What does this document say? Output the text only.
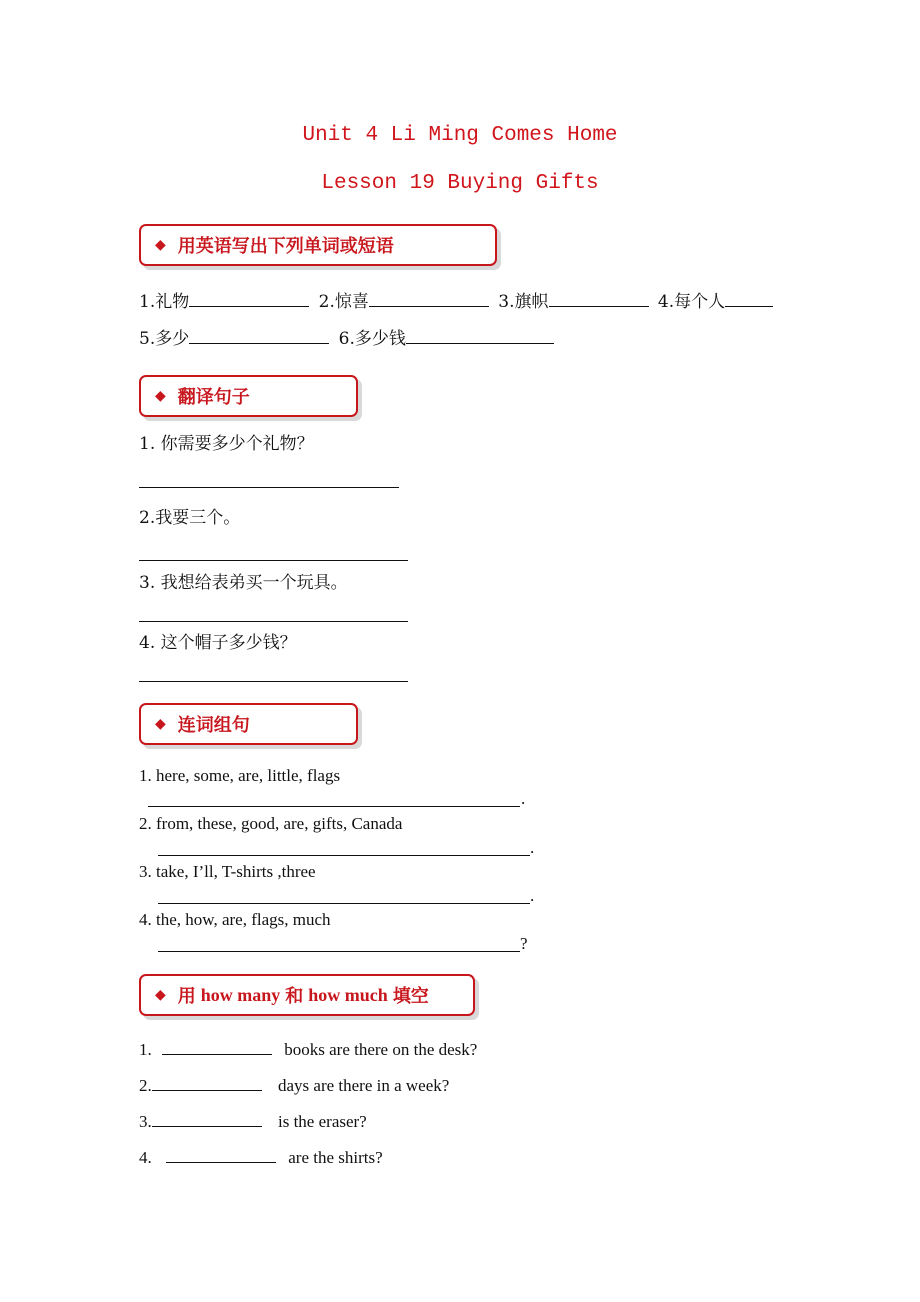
Unit 4 Li Ming Comes Home
Lesson 19 Buying Gifts
◆ 用英语写出下列单词或短语
1.礼物	2.惊喜	3.旗帜	4.每个人
5.多少	6.多少钱
◆ 翻译句子
1. 你需要多少个礼物？
2.我要三个。
3. 我想给表弟买一个玩具。
4. 这个帽子多少钱？
◆ 连词组句
1. here, some, are, little, flags
.
2. from, these, good, are, gifts, Canada
.
3. take, I’ll, T-shirts ,three
.
4. the, how, are, flags, much
?
◆ 用 how many 和 how much 填空
1.	books are there on the desk?
2.	days are there in a week?
3.	is the eraser?
4.	are the shirts?
